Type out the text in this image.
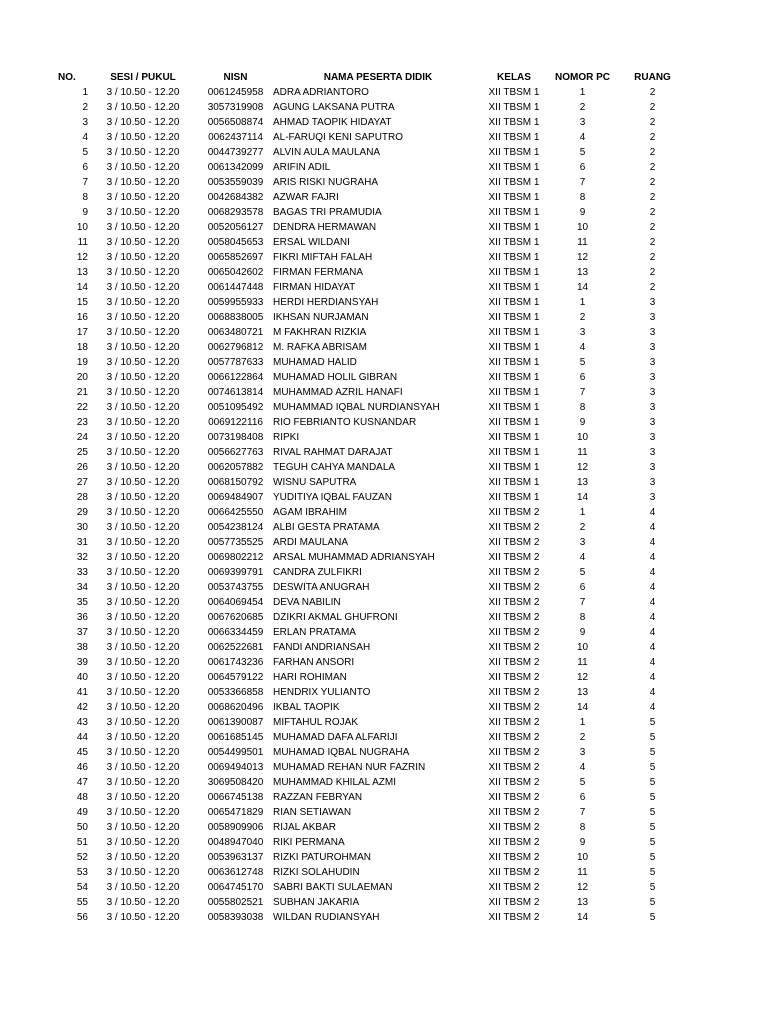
NO.	SESI / PUKUL	NISN	NAMA PESERTA DIDIK	KELAS	NOMOR PC	RUANG
1	3 / 10.50 - 12.20	0061245958	ADRA ADRIANTORO	XII TBSM 1	1	2
2	3 / 10.50 - 12.20	3057319908	AGUNG LAKSANA PUTRA	XII TBSM 1	2	2
3	3 / 10.50 - 12.20	0056508874	AHMAD TAOPIK HIDAYAT	XII TBSM 1	3	2
4	3 / 10.50 - 12.20	0062437114	AL-FARUQI KENI SAPUTRO	XII TBSM 1	4	2
5	3 / 10.50 - 12.20	0044739277	ALVIN AULA MAULANA	XII TBSM 1	5	2
6	3 / 10.50 - 12.20	0061342099	ARIFIN ADIL	XII TBSM 1	6	2
7	3 / 10.50 - 12.20	0053559039	ARIS RISKI NUGRAHA	XII TBSM 1	7	2
8	3 / 10.50 - 12.20	0042684382	AZWAR FAJRI	XII TBSM 1	8	2
9	3 / 10.50 - 12.20	0068293578	BAGAS TRI PRAMUDIA	XII TBSM 1	9	2
10	3 / 10.50 - 12.20	0052056127	DENDRA HERMAWAN	XII TBSM 1	10	2
11	3 / 10.50 - 12.20	0058045653	ERSAL WILDANI	XII TBSM 1	11	2
12	3 / 10.50 - 12.20	0065852697	FIKRI MIFTAH FALAH	XII TBSM 1	12	2
13	3 / 10.50 - 12.20	0065042602	FIRMAN FERMANA	XII TBSM 1	13	2
14	3 / 10.50 - 12.20	0061447448	FIRMAN HIDAYAT	XII TBSM 1	14	2
15	3 / 10.50 - 12.20	0059955933	HERDI HERDIANSYAH	XII TBSM 1	1	3
16	3 / 10.50 - 12.20	0068838005	IKHSAN NURJAMAN	XII TBSM 1	2	3
17	3 / 10.50 - 12.20	0063480721	M FAKHRAN RIZKIA	XII TBSM 1	3	3
18	3 / 10.50 - 12.20	0062796812	M. RAFKA ABRISAM	XII TBSM 1	4	3
19	3 / 10.50 - 12.20	0057787633	MUHAMAD HALID	XII TBSM 1	5	3
20	3 / 10.50 - 12.20	0066122864	MUHAMAD HOLIL GIBRAN	XII TBSM 1	6	3
21	3 / 10.50 - 12.20	0074613814	MUHAMMAD AZRIL HANAFI	XII TBSM 1	7	3
22	3 / 10.50 - 12.20	0051095492	MUHAMMAD IQBAL NURDIANSYAH	XII TBSM 1	8	3
23	3 / 10.50 - 12.20	0069122116	RIO FEBRIANTO KUSNANDAR	XII TBSM 1	9	3
24	3 / 10.50 - 12.20	0073198408	RIPKI	XII TBSM 1	10	3
25	3 / 10.50 - 12.20	0056627763	RIVAL RAHMAT DARAJAT	XII TBSM 1	11	3
26	3 / 10.50 - 12.20	0062057882	TEGUH CAHYA MANDALA	XII TBSM 1	12	3
27	3 / 10.50 - 12.20	0068150792	WISNU SAPUTRA	XII TBSM 1	13	3
28	3 / 10.50 - 12.20	0069484907	YUDITIYA IQBAL FAUZAN	XII TBSM 1	14	3
29	3 / 10.50 - 12.20	0066425550	AGAM IBRAHIM	XII TBSM 2	1	4
30	3 / 10.50 - 12.20	0054238124	ALBI GESTA PRATAMA	XII TBSM 2	2	4
31	3 / 10.50 - 12.20	0057735525	ARDI MAULANA	XII TBSM 2	3	4
32	3 / 10.50 - 12.20	0069802212	ARSAL MUHAMMAD ADRIANSYAH	XII TBSM 2	4	4
33	3 / 10.50 - 12.20	0069399791	CANDRA ZULFIKRI	XII TBSM 2	5	4
34	3 / 10.50 - 12.20	0053743755	DESWITA ANUGRAH	XII TBSM 2	6	4
35	3 / 10.50 - 12.20	0064069454	DEVA NABILIN	XII TBSM 2	7	4
36	3 / 10.50 - 12.20	0067620685	DZIKRI AKMAL GHUFRONI	XII TBSM 2	8	4
37	3 / 10.50 - 12.20	0066334459	ERLAN PRATAMA	XII TBSM 2	9	4
38	3 / 10.50 - 12.20	0062522681	FANDI ANDRIANSAH	XII TBSM 2	10	4
39	3 / 10.50 - 12.20	0061743236	FARHAN ANSORI	XII TBSM 2	11	4
40	3 / 10.50 - 12.20	0064579122	HARI ROHIMAN	XII TBSM 2	12	4
41	3 / 10.50 - 12.20	0053366858	HENDRIX YULIANTO	XII TBSM 2	13	4
42	3 / 10.50 - 12.20	0068620496	IKBAL TAOPIK	XII TBSM 2	14	4
43	3 / 10.50 - 12.20	0061390087	MIFTAHUL ROJAK	XII TBSM 2	1	5
44	3 / 10.50 - 12.20	0061685145	MUHAMAD DAFA ALFARIJI	XII TBSM 2	2	5
45	3 / 10.50 - 12.20	0054499501	MUHAMAD IQBAL NUGRAHA	XII TBSM 2	3	5
46	3 / 10.50 - 12.20	0069494013	MUHAMAD REHAN NUR FAZRIN	XII TBSM 2	4	5
47	3 / 10.50 - 12.20	3069508420	MUHAMMAD KHILAL AZMI	XII TBSM 2	5	5
48	3 / 10.50 - 12.20	0066745138	RAZZAN FEBRYAN	XII TBSM 2	6	5
49	3 / 10.50 - 12.20	0065471829	RIAN SETIAWAN	XII TBSM 2	7	5
50	3 / 10.50 - 12.20	0058909906	RIJAL AKBAR	XII TBSM 2	8	5
51	3 / 10.50 - 12.20	0048947040	RIKI PERMANA	XII TBSM 2	9	5
52	3 / 10.50 - 12.20	0053963137	RIZKI PATUROHMAN	XII TBSM 2	10	5
53	3 / 10.50 - 12.20	0063612748	RIZKI SOLAHUDIN	XII TBSM 2	11	5
54	3 / 10.50 - 12.20	0064745170	SABRI BAKTI SULAEMAN	XII TBSM 2	12	5
55	3 / 10.50 - 12.20	0055802521	SUBHAN JAKARIA	XII TBSM 2	13	5
56	3 / 10.50 - 12.20	0058393038	WILDAN RUDIANSYAH	XII TBSM 2	14	5
